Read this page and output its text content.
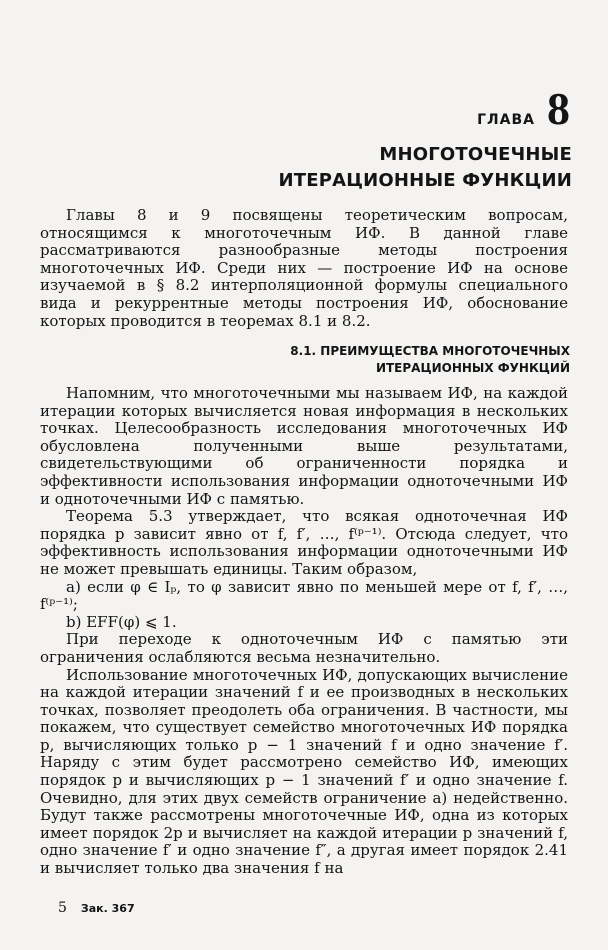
ГЛАВА 8
МНОГОТОЧЕЧНЫЕ
ИТЕРАЦИОННЫЕ ФУНКЦИИ

Главы 8 и 9 посвящены теоретическим вопросам, относящимся к многоточечным ИФ. В данной главе рассматриваются разнообразные методы построения многоточечных ИФ. Среди них — построение ИФ на основе изучаемой в § 8.2 интерполяционной формулы специального вида и рекуррентные методы построения ИФ, обоснование которых проводится в теоремах 8.1 и 8.2.

8.1. ПРЕИМУЩЕСТВА МНОГОТОЧЕЧНЫХ
ИТЕРАЦИОННЫХ ФУНКЦИЙ

Напомним, что многоточечными мы называем ИФ, на каждой итерации которых вычисляется новая информация в нескольких точках. Целесообразность исследования многоточечных ИФ обусловлена полученными выше результатами, свидетельствующими об ограниченности порядка и эффективности использования информации одноточечными ИФ и одноточечными ИФ с памятью.

Теорема 5.3 утверждает, что всякая одноточечная ИФ порядка p зависит явно от f, f′, …, f⁽ᵖ⁻¹⁾. Отсюда следует, что эффективность использования информации одноточечными ИФ не может превышать единицы. Таким образом,

а) если φ ∈ Iₚ, то φ зависит явно по меньшей мере от f, f′, …, f⁽ᵖ⁻¹⁾;

b) EFF(φ) ⩽ 1.

При переходе к одноточечным ИФ с памятью эти ограничения ослабляются весьма незначительно.

Использование многоточечных ИФ, допускающих вычисление на каждой итерации значений f и ее производных в нескольких точках, позволяет преодолеть оба ограничения. В частности, мы покажем, что существует семейство многоточечных ИФ порядка p, вычисляющих только p − 1 значений f и одно значение f′. Наряду с этим будет рассмотрено семейство ИФ, имеющих порядок p и вычисляющих p − 1 значений f′ и одно значение f. Очевидно, для этих двух семейств ограничение а) недейственно. Будут также рассмотрены многоточечные ИФ, одна из которых имеет порядок 2p и вычисляет на каждой итерации p значений f, одно значение f′ и одно значение f″, а другая имеет порядок 2.41 и вычисляет только два значения f на

5 Зак. 367
